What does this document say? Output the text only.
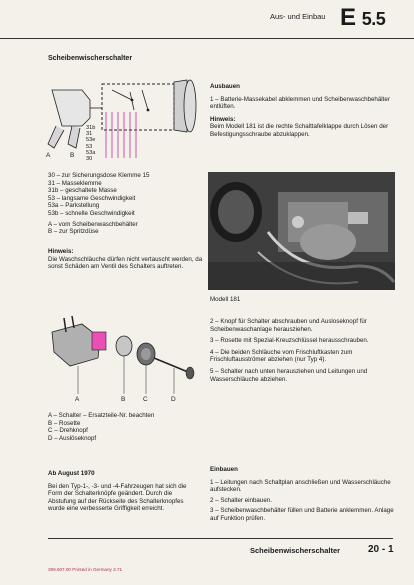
Aus- und Einbau E 5.5
Scheibenwischerschalter
A	B
31b
31
53e
53
53a
30
30 – zur Sicherungsdose Klemme 15
31 – Masseklemme
31b – geschaltete Masse
53 – langsame Geschwindigkeit
53a – Parkstellung
53b – schnelle Geschwindigkeit
A – vom Scheibenwaschbehälter
B – zur Spritzdüse
Hinweis:
Die Waschschläuche dürfen nicht vertauscht werden, da sonst Schäden am Ventil des Schalters auftreten.
Ausbauen
1 – Batterie-Massekabel abklemmen und Scheibenwaschbehälter entlüften.
Hinweis:
Beim Modell 181 ist die rechte Schalttafelklappe durch Lösen der Befestigungsschraube abzuklappen.
Modell 181
2 – Knopf für Schalter abschrauben und Ausloseknopf für Scheibenwaschanlage herausziehen.
3 – Rosette mit Spezial-Kreuzschlüssel herausschrauben.
4 – Die beiden Schläuche vom Frischluftkasten zum Frischluftausströmer abziehen (nur Typ 4).
5 – Schalter nach unten herausziehen und Leitungen und Wasserschläuche abziehen.
A	B	C	D
A – Schalter – Ersatzteile-Nr. beachten
B – Rosette
C – Drehknopf
D – Auslöseknopf
Ab August 1970
Bei den Typ-1-, -3- und -4-Fahrzeugen hat sich die Form der Schalterknöpfe geändert. Durch die Abstufung auf der Rückseite des Schalterknopfes wurde eine verbesserte Griffigkeit erreicht.
Einbauen
1 – Leitungen nach Schaltplan anschließen und Wasserschläuche aufstecken.
2 – Schalter einbauen.
3 – Scheibenwaschbehälter füllen und Batterie anklemmen. Anlage auf Funktion prüfen.
Scheibenwischerschalter	20 - 1
399.607.00 Printed in Germany 3.71
